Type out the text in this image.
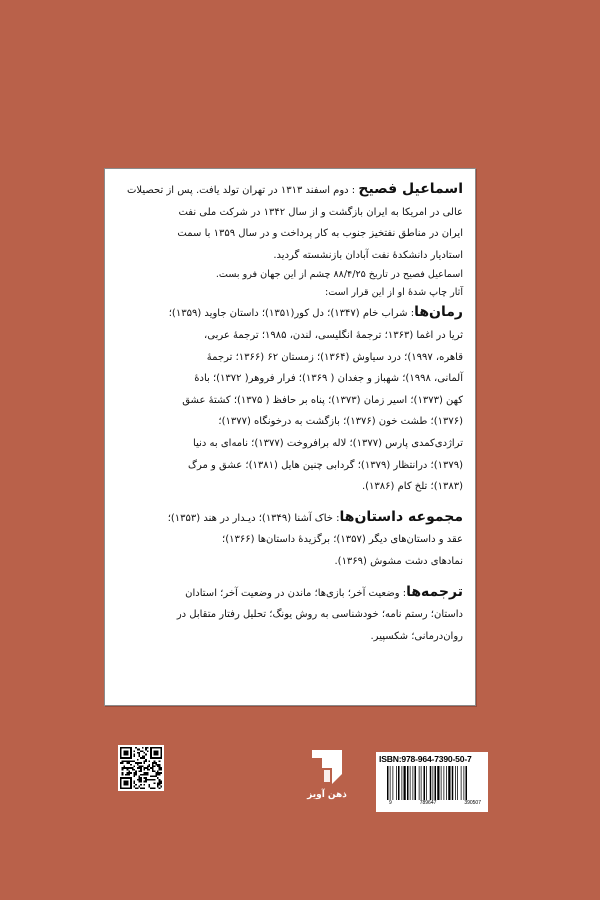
اسماعیل فصیح : دوم اسفند ۱۳۱۳ در تهران تولد یافت. پس از تحصیلات

عالی در امریکا به ایران بازگشت و از سال ۱۳۴۲ در شرکت ملی نفت

ایران در مناطق نفتخیز جنوب به کار پرداخت و در سال ۱۳۵۹ با سمت

استادیار دانشکدهٔ نفت آبادان بازنشسته گردید.

اسماعیل فصیح در تاریخ ۸۸/۴/۲۵ چشم از این جهان فرو بست.

آثار چاپ شدهٔ او از این قرار است:

رمان‌ها: شراب خام (۱۳۴۷)؛ دل کور(۱۳۵۱)؛ داستان جاوید (۱۳۵۹)؛

ثریا در اغما (۱۳۶۳؛ ترجمهٔ انگلیسی، لندن، ۱۹۸۵؛ ترجمهٔ عربی،

قاهره، ۱۹۹۷)؛ درد سیاوش (۱۳۶۴)؛ زمستان ۶۲ (۱۳۶۶؛ ترجمهٔ

آلمانی، ۱۹۹۸)؛ شهباز و جغدان ( ۱۳۶۹)؛ فرار فروهر( ۱۳۷۲)؛ بادهٔ

کهن (۱۳۷۳)؛ اسیر زمان (۱۳۷۳)؛ پناه بر حافظ ( ۱۳۷۵)؛ کشتهٔ عشق

(۱۳۷۶)؛ طشت خون (۱۳۷۶)؛ بازگشت به درخونگاه (۱۳۷۷)؛

تراژدی‌کمدی پارس (۱۳۷۷)؛ لاله برافروخت (۱۳۷۷)؛ نامه‌ای به دنیا

(۱۳۷۹)؛ درانتظار (۱۳۷۹)؛ گردابی چنین هایل (۱۳۸۱)؛ عشق و مرگ

(۱۳۸۳)؛ تلخ کام (۱۳۸۶).

مجموعه داستان‌ها: خاک آشنا (۱۳۴۹)؛ دیـدار در هند (۱۳۵۳)؛

عقد و داستان‌های دیگر (۱۳۵۷)؛ برگزیدهٔ داستان‌ها (۱۳۶۶)؛

نمادهای دشت مشوش (۱۳۶۹).

ترجمه‌ها: وضعیت آخر؛ بازی‌ها؛ ماندن در وضعیت آخر؛ استادان

داستان؛ رستم نامه؛ خودشناسی به روش یونگ؛ تحلیل رفتار متقابل در

روان‌درمانی؛ شکسپیر.

ذهن آویز
ISBN:978-964-7390-50-7
9	789647	390507
